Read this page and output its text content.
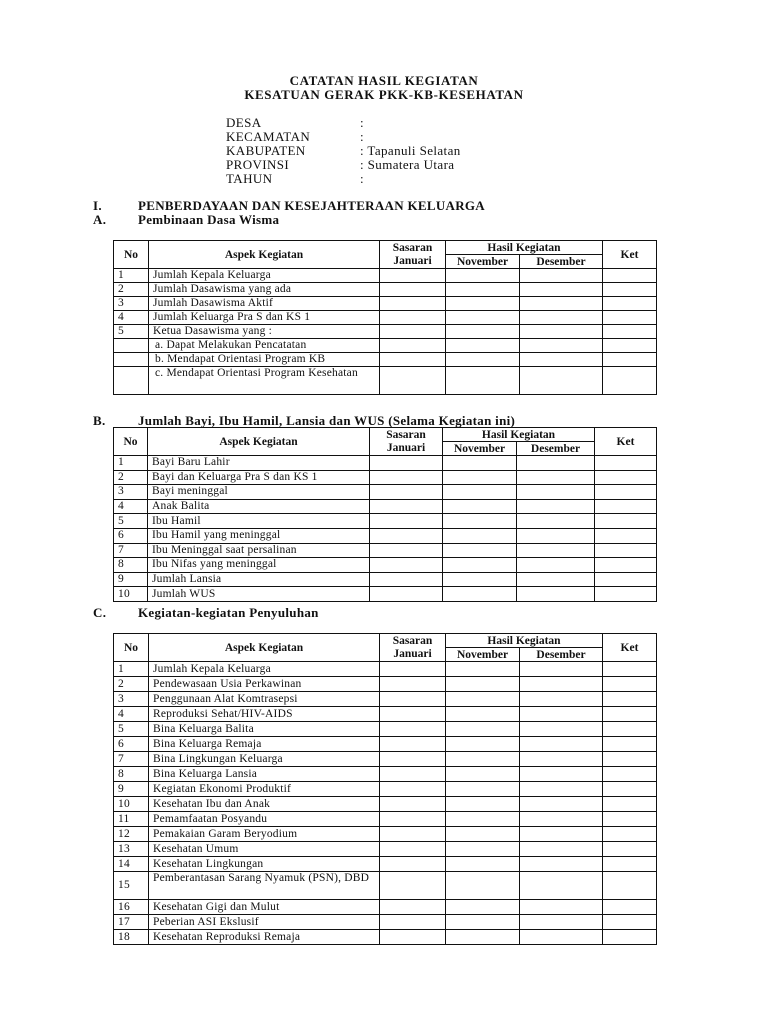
CATATAN HASIL KEGIATAN
KESATUAN GERAK PKK-KB-KESEHATAN
DESA	:
KECAMATAN	:
KABUPATEN	: Tapanuli Selatan
PROVINSI	: Sumatera Utara
TAHUN	:
I.	PENBERDAYAAN DAN KESEJAHTERAAN KELUARGA
A. Pembinaan Dasa Wisma
No	Aspek Kegiatan	Sasaran Januari	Hasil Kegiatan		Ket
			November	Desember	
1	Jumlah Kepala Keluarga				
2	Jumlah Dasawisma yang ada				
3	Jumlah Dasawisma Aktif				
4	Jumlah Keluarga Pra S dan KS 1				
5	Ketua Dasawisma yang :				
	a. Dapat Melakukan Pencatatan				
	b. Mendapat Orientasi Program KB				
	c. Mendapat Orientasi Program Kesehatan				
B. Jumlah Bayi, Ibu Hamil, Lansia dan WUS (Selama Kegiatan ini)
No	Aspek Kegiatan	Sasaran Januari	Hasil Kegiatan		Ket
			November	Desember	
1	Bayi Baru Lahir				
2	Bayi dan Keluarga Pra S dan KS 1				
3	Bayi meninggal				
4	Anak Balita				
5	Ibu Hamil				
6	Ibu Hamil yang meninggal				
7	Ibu Meninggal saat persalinan				
8	Ibu Nifas yang meninggal				
9	Jumlah Lansia				
10	Jumlah WUS				
C. Kegiatan-kegiatan Penyuluhan
No	Aspek Kegiatan	Sasaran Januari	Hasil Kegiatan		Ket
			November	Desember	
1	Jumlah Kepala Keluarga				
2	Pendewasaan Usia Perkawinan				
3	Penggunaan Alat Komtrasepsi				
4	Reproduksi Sehat/HIV-AIDS				
5	Bina Keluarga Balita				
6	Bina Keluarga Remaja				
7	Bina Lingkungan Keluarga				
8	Bina Keluarga Lansia				
9	Kegiatan Ekonomi Produktif				
10	Kesehatan Ibu dan Anak				
11	Pemamfaatan Posyandu				
12	Pemakaian Garam Beryodium				
13	Kesehatan Umum				
14	Kesehatan Lingkungan				
15	Pemberantasan Sarang Nyamuk (PSN), DBD				
16	Kesehatan Gigi dan Mulut				
17	Peberian ASI Ekslusif				
18	Kesehatan Reproduksi Remaja				
